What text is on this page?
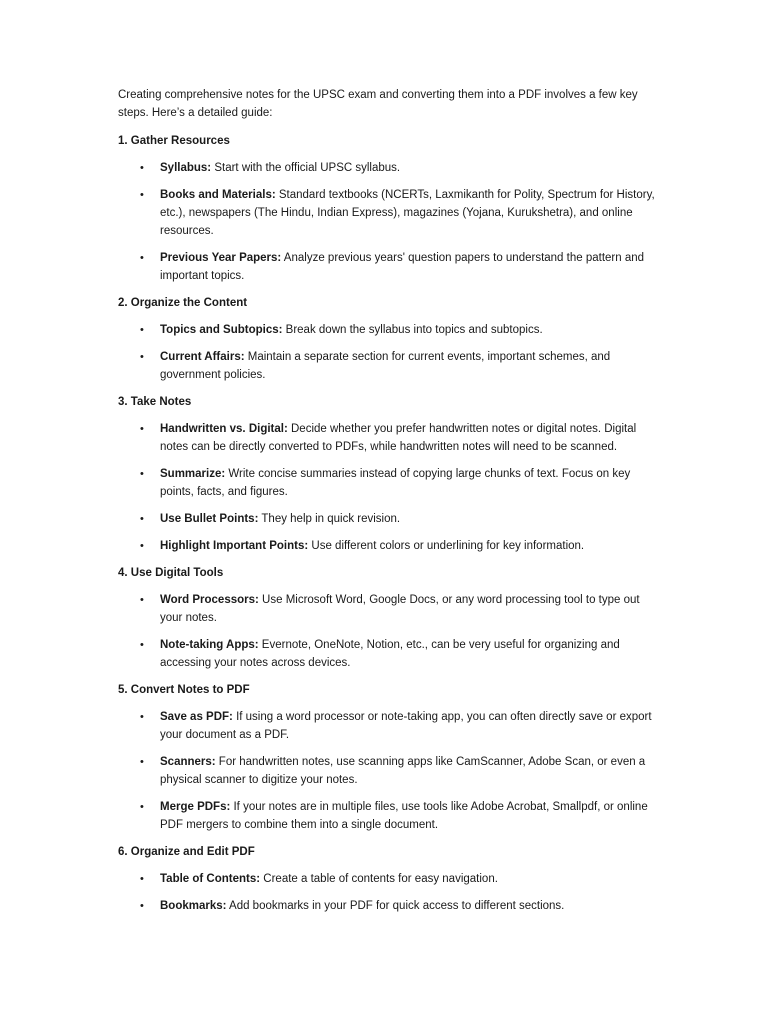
Creating comprehensive notes for the UPSC exam and converting them into a PDF involves a few key steps. Here’s a detailed guide:

1. Gather Resources
• Syllabus: Start with the official UPSC syllabus.
• Books and Materials: Standard textbooks (NCERTs, Laxmikanth for Polity, Spectrum for History, etc.), newspapers (The Hindu, Indian Express), magazines (Yojana, Kurukshetra), and online resources.
• Previous Year Papers: Analyze previous years' question papers to understand the pattern and important topics.
2. Organize the Content
• Topics and Subtopics: Break down the syllabus into topics and subtopics.
• Current Affairs: Maintain a separate section for current events, important schemes, and government policies.
3. Take Notes
• Handwritten vs. Digital: Decide whether you prefer handwritten notes or digital notes. Digital notes can be directly converted to PDFs, while handwritten notes will need to be scanned.
• Summarize: Write concise summaries instead of copying large chunks of text. Focus on key points, facts, and figures.
• Use Bullet Points: They help in quick revision.
• Highlight Important Points: Use different colors or underlining for key information.
4. Use Digital Tools
• Word Processors: Use Microsoft Word, Google Docs, or any word processing tool to type out your notes.
• Note-taking Apps: Evernote, OneNote, Notion, etc., can be very useful for organizing and accessing your notes across devices.
5. Convert Notes to PDF
• Save as PDF: If using a word processor or note-taking app, you can often directly save or export your document as a PDF.
• Scanners: For handwritten notes, use scanning apps like CamScanner, Adobe Scan, or even a physical scanner to digitize your notes.
• Merge PDFs: If your notes are in multiple files, use tools like Adobe Acrobat, Smallpdf, or online PDF mergers to combine them into a single document.
6. Organize and Edit PDF
• Table of Contents: Create a table of contents for easy navigation.
• Bookmarks: Add bookmarks in your PDF for quick access to different sections.
